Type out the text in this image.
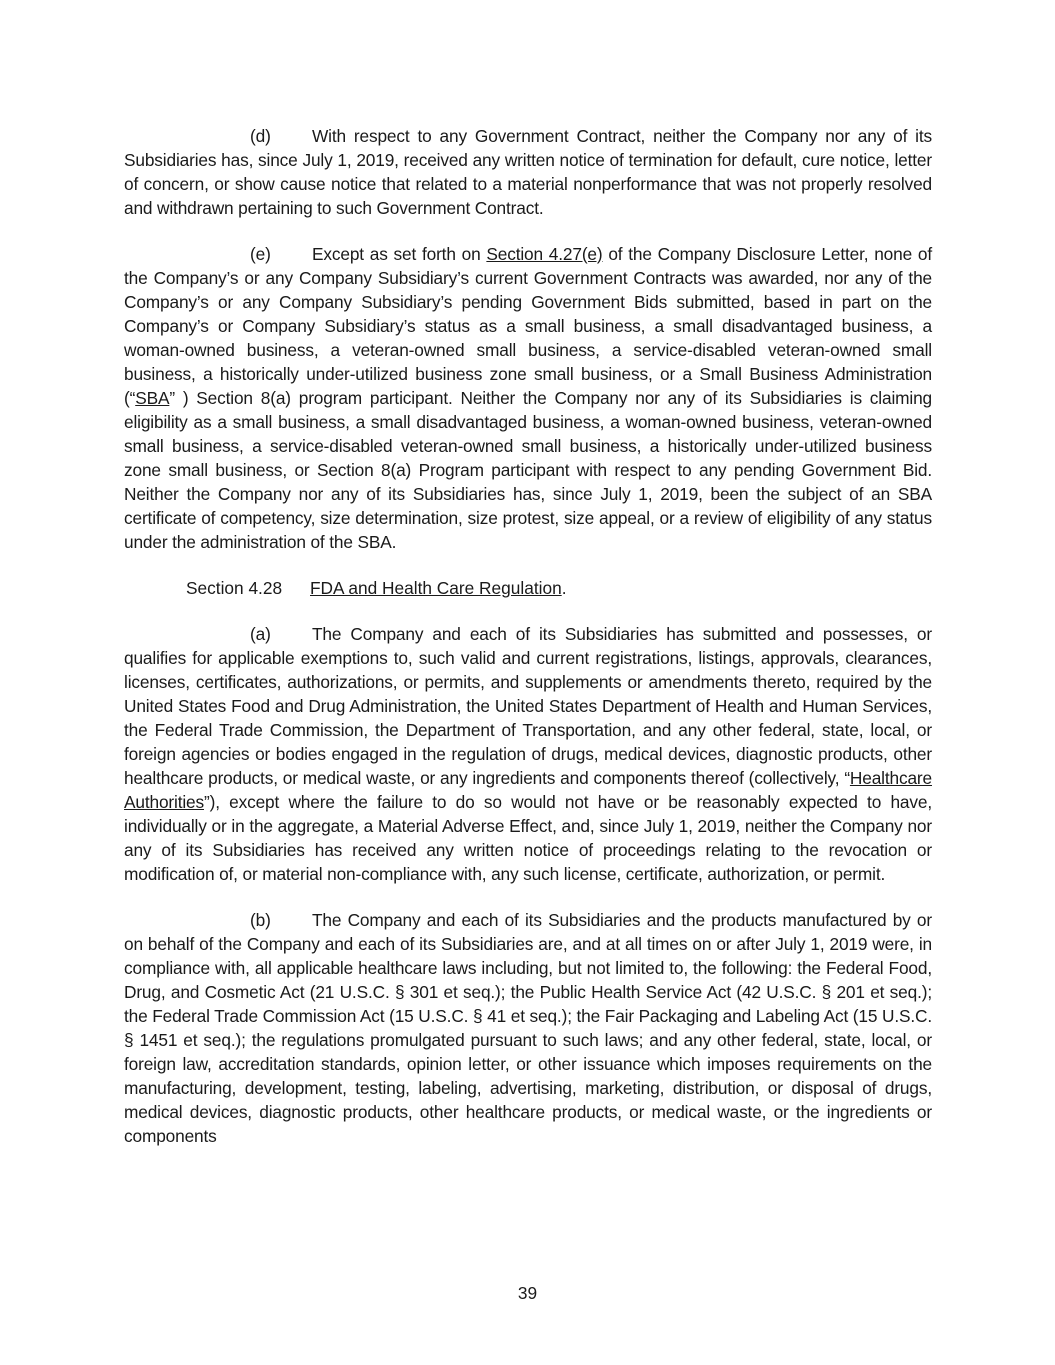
(d) With respect to any Government Contract, neither the Company nor any of its Subsidiaries has, since July 1, 2019, received any written notice of termination for default, cure notice, letter of concern, or show cause notice that related to a material nonperformance that was not properly resolved and withdrawn pertaining to such Government Contract.

(e) Except as set forth on Section 4.27(e) of the Company Disclosure Letter, none of the Company’s or any Company Subsidiary’s current Government Contracts was awarded, nor any of the Company’s or any Company Subsidiary’s pending Government Bids submitted, based in part on the Company’s or Company Subsidiary’s status as a small business, a small disadvantaged business, a woman-owned business, a veteran-owned small business, a service-disabled veteran-owned small business, a historically under-utilized business zone small business, or a Small Business Administration (“SBA” ) Section 8(a) program participant. Neither the Company nor any of its Subsidiaries is claiming eligibility as a small business, a small disadvantaged business, a woman-owned business, veteran-owned small business, a service-disabled veteran-owned small business, a historically under-utilized business zone small business, or Section 8(a) Program participant with respect to any pending Government Bid. Neither the Company nor any of its Subsidiaries has, since July 1, 2019, been the subject of an SBA certificate of competency, size determination, size protest, size appeal, or a review of eligibility of any status under the administration of the SBA.

Section 4.28 FDA and Health Care Regulation.

(a) The Company and each of its Subsidiaries has submitted and possesses, or qualifies for applicable exemptions to, such valid and current registrations, listings, approvals, clearances, licenses, certificates, authorizations, or permits, and supplements or amendments thereto, required by the United States Food and Drug Administration, the United States Department of Health and Human Services, the Federal Trade Commission, the Department of Transportation, and any other federal, state, local, or foreign agencies or bodies engaged in the regulation of drugs, medical devices, diagnostic products, other healthcare products, or medical waste, or any ingredients and components thereof (collectively, “Healthcare Authorities”), except where the failure to do so would not have or be reasonably expected to have, individually or in the aggregate, a Material Adverse Effect, and, since July 1, 2019, neither the Company nor any of its Subsidiaries has received any written notice of proceedings relating to the revocation or modification of, or material non-compliance with, any such license, certificate, authorization, or permit.

(b) The Company and each of its Subsidiaries and the products manufactured by or on behalf of the Company and each of its Subsidiaries are, and at all times on or after July 1, 2019 were, in compliance with, all applicable healthcare laws including, but not limited to, the following: the Federal Food, Drug, and Cosmetic Act (21 U.S.C. § 301 et seq.); the Public Health Service Act (42 U.S.C. § 201 et seq.); the Federal Trade Commission Act (15 U.S.C. § 41 et seq.); the Fair Packaging and Labeling Act (15 U.S.C. § 1451 et seq.); the regulations promulgated pursuant to such laws; and any other federal, state, local, or foreign law, accreditation standards, opinion letter, or other issuance which imposes requirements on the manufacturing, development, testing, labeling, advertising, marketing, distribution, or disposal of drugs, medical devices, diagnostic products, other healthcare products, or medical waste, or the ingredients or components

39
